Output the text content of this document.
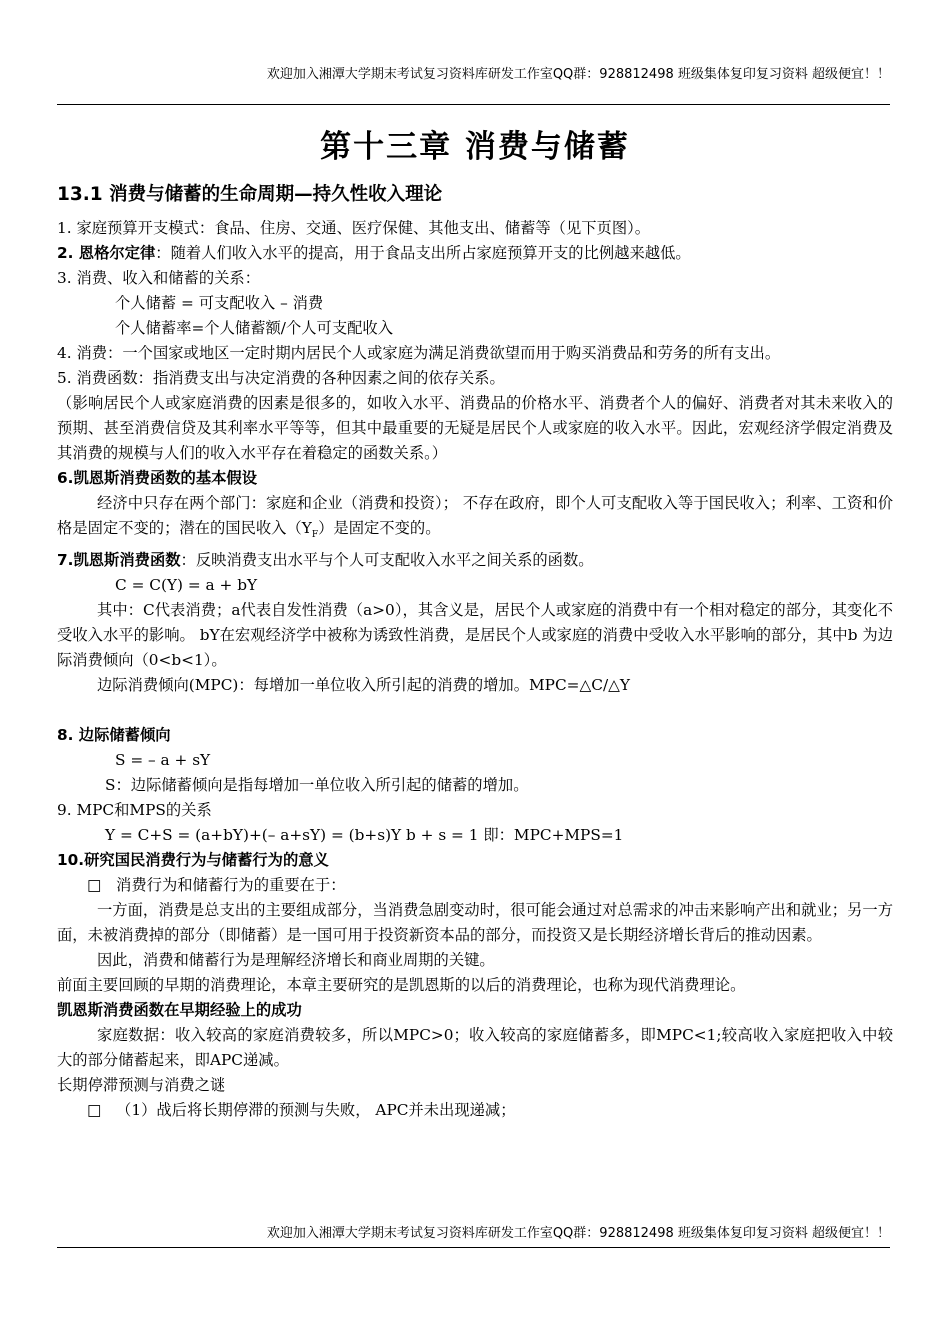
欢迎加入湘潭大学期末考试复习资料库研发工作室QQ群：928812498 班级集体复印复习资料 超级便宜！！
第十三章 消费与储蓄
13.1 消费与储蓄的生命周期—持久性收入理论

1. 家庭预算开支模式：食品、住房、交通、医疗保健、其他支出、储蓄等（见下页图）。

2. 恩格尔定律：随着人们收入水平的提高，用于食品支出所占家庭预算开支的比例越来越低。

3. 消费、收入和储蓄的关系：

个人储蓄 = 可支配收入 – 消费

个人储蓄率=个人储蓄额/个人可支配收入

4. 消费：一个国家或地区一定时期内居民个人或家庭为满足消费欲望而用于购买消费品和劳务的所有支出。

5. 消费函数：指消费支出与决定消费的各种因素之间的依存关系。

（影响居民个人或家庭消费的因素是很多的，如收入水平、消费品的价格水平、消费者个人的偏好、消费者对其未来收入的预期、甚至消费信贷及其利率水平等等，但其中最重要的无疑是居民个人或家庭的收入水平。因此，宏观经济学假定消费及其消费的规模与人们的收入水平存在着稳定的函数关系。）

6.凯恩斯消费函数的基本假设

经济中只存在两个部门：家庭和企业（消费和投资）； 不存在政府，即个人可支配收入等于国民收入；利率、工资和价格是固定不变的；潜在的国民收入$(Y_F)$是固定不变的。

7.凯恩斯消费函数：反映消费支出水平与个人可支配收入水平之间关系的函数。

C = C(Y) = a + bY

其中：C代表消费；a代表自发性消费（a>0），其含义是，居民个人或家庭的消费中有一个相对稳定的部分，其变化不受收入水平的影响。 bY在宏观经济学中被称为诱致性消费，是居民个人或家庭的消费中受收入水平影响的部分，其中b 为边际消费倾向（0<b<1）。

边际消费倾向(MPC)：每增加一单位收入所引起的消费的增加。MPC=△C/△Y

8. 边际储蓄倾向

S = – a + sY

S：边际储蓄倾向是指每增加一单位收入所引起的储蓄的增加。

9. MPC和MPS的关系

Y = C+S = (a+bY)+(– a+sY) = (b+s)Y b + s = 1 即：MPC+MPS=1

10.研究国民消费行为与储蓄行为的意义

□ 消费行为和储蓄行为的重要在于：

一方面，消费是总支出的主要组成部分，当消费急剧变动时，很可能会通过对总需求的冲击来影响产出和就业；另一方面，未被消费掉的部分（即储蓄）是一国可用于投资新资本品的部分，而投资又是长期经济增长背后的推动因素。

因此，消费和储蓄行为是理解经济增长和商业周期的关键。

前面主要回顾的早期的消费理论，本章主要研究的是凯恩斯的以后的消费理论，也称为现代消费理论。

凯恩斯消费函数在早期经验上的成功

家庭数据：收入较高的家庭消费较多，所以MPC>0；收入较高的家庭储蓄多，即MPC<1;较高收入家庭把收入中较大的部分储蓄起来，即APC递减。

长期停滞预测与消费之谜

□ （1）战后将长期停滞的预测与失败， APC并未出现递减；

欢迎加入湘潭大学期末考试复习资料库研发工作室QQ群：928812498 班级集体复印复习资料 超级便宜！！
